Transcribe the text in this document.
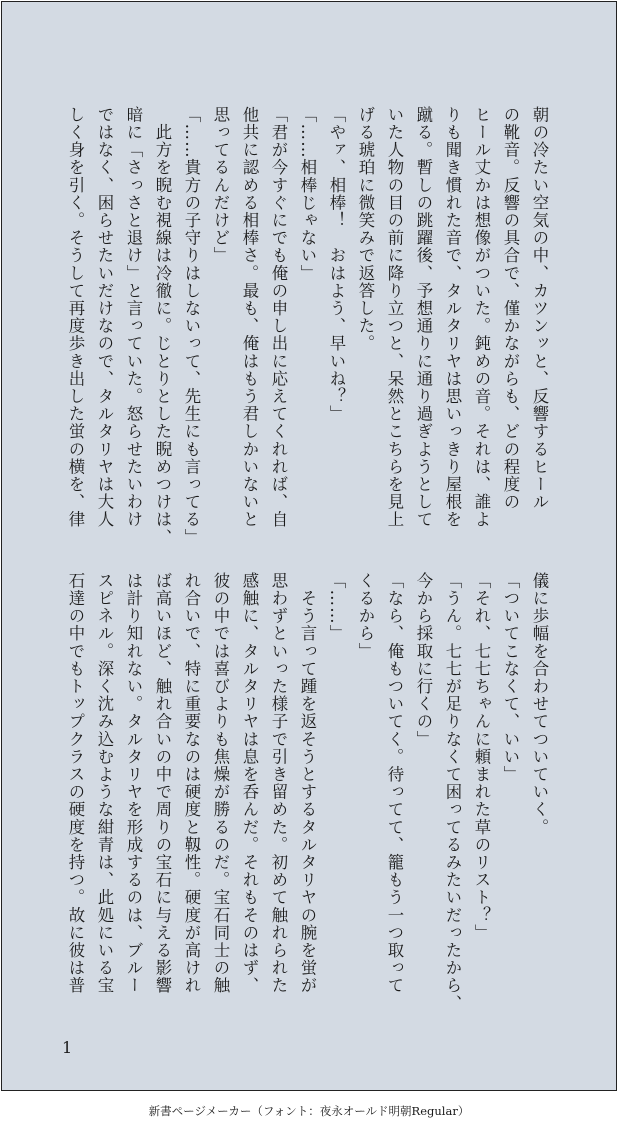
朝の冷たい空気の中、カツンッと、反響するヒール
の靴音。反響の具合で、僅かながらも、どの程度の
ヒール丈かは想像がついた。鈍めの音。それは、誰よ
りも聞き慣れた音で、タルタリヤは思いっきり屋根を
蹴る。暫しの跳躍後、予想通りに通り過ぎようとして
いた人物の目の前に降り立つと、呆然とこちらを見上
げる琥珀に微笑みで返答した。
「やァ、相棒！　おはよう、早いね？」
「……相棒じゃない」
「君が今すぐにでも俺の申し出に応えてくれれば、自
他共に認める相棒さ。最も、俺はもう君しかいないと
思ってるんだけど」
「……貴方の子守りはしないって、先生にも言ってる」
　此方を睨む視線は冷徹に。じとりとした睨めつけは、
暗に「さっさと退け」と言っていた。怒らせたいわけ
ではなく、困らせたいだけなので、タルタリヤは大人
しく身を引く。そうして再度歩き出した蛍の横を、律
儀に歩幅を合わせてついていく。
「ついてこなくて、いい」
「それ、七七ちゃんに頼まれた草のリスト？」
「うん。七七が足りなくて困ってるみたいだったから、
今から採取に行くの」
「なら、俺もついてく。待ってて、籠もう一つ取って
くるから」
「……」
　そう言って踵を返そうとするタルタリヤの腕を蛍が
思わずといった様子で引き留めた。初めて触れられた
感触に、タルタリヤは息を呑んだ。それもそのはず、
彼の中では喜びよりも焦燥が勝るのだ。宝石同士の触
れ合いで、特に重要なのは硬度と靱性。硬度が高けれ
ば高いほど、触れ合いの中で周りの宝石に与える影響
は計り知れない。タルタリヤを形成するのは、ブルー
スピネル。深く沈み込むような紺青は、此処にいる宝
石達の中でもトップクラスの硬度を持つ。故に彼は普
1
新書ページメーカー（フォント：夜永オールド明朝Regular）
